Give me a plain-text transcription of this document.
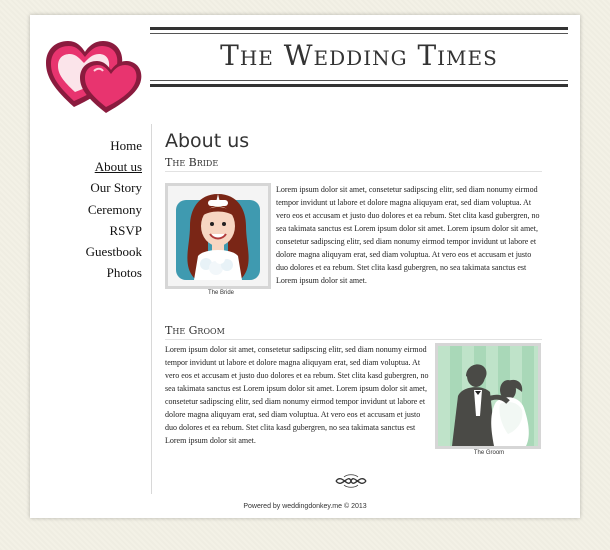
The Wedding Times
Home
About us
Our Story
Ceremony
RSVP
Guestbook
Photos
About us
The Bride
The Bride

Lorem ipsum dolor sit amet, consetetur sadipscing elitr, sed diam nonumy eirmod tempor invidunt ut labore et dolore magna aliquyam erat, sed diam voluptua. At vero eos et accusam et justo duo dolores et ea rebum. Stet clita kasd gubergren, no sea takimata sanctus est Lorem ipsum dolor sit amet. Lorem ipsum dolor sit amet, consetetur sadipscing elitr, sed diam nonumy eirmod tempor invidunt ut labore et dolore magna aliquyam erat, sed diam voluptua. At vero eos et accusam et justo duo dolores et ea rebum. Stet clita kasd gubergren, no sea takimata sanctus est Lorem ipsum dolor sit amet.

The Groom

Lorem ipsum dolor sit amet, consetetur sadipscing elitr, sed diam nonumy eirmod tempor invidunt ut labore et dolore magna aliquyam erat, sed diam voluptua. At vero eos et accusam et justo duo dolores et ea rebum. Stet clita kasd gubergren, no sea takimata sanctus est Lorem ipsum dolor sit amet. Lorem ipsum dolor sit amet, consetetur sadipscing elitr, sed diam nonumy eirmod tempor invidunt ut labore et dolore magna aliquyam erat, sed diam voluptua. At vero eos et accusam et justo duo dolores et ea rebum. Stet clita kasd gubergren, no sea takimata sanctus est Lorem ipsum dolor sit amet.

The Groom
Powered by weddingdonkey.me © 2013
